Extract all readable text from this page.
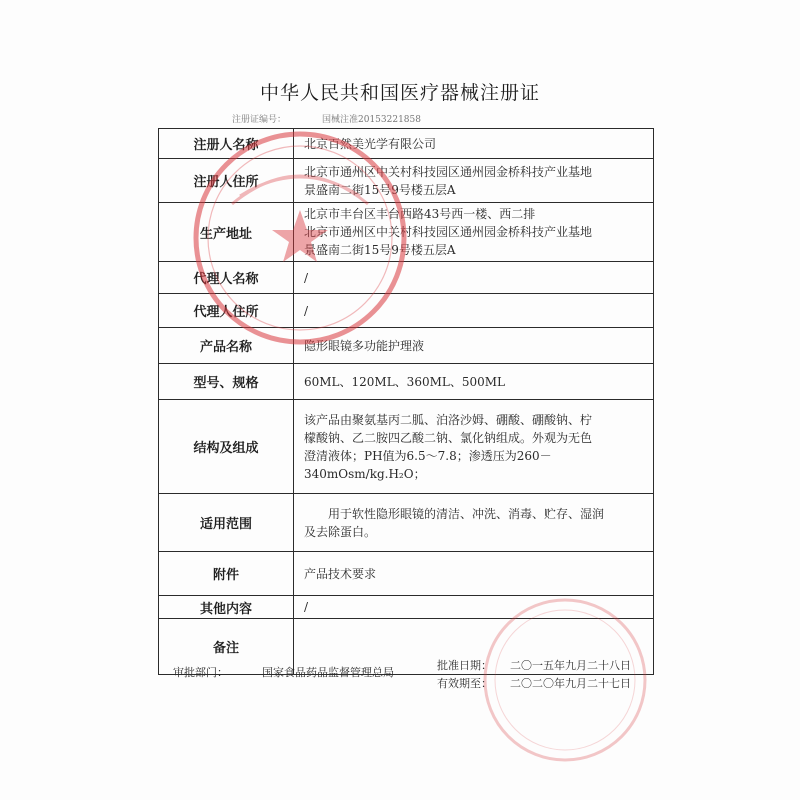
中华人民共和国医疗器械注册证
注册证编号：	国械注准20153221858
注册人名称	北京百然美光学有限公司
注册人住所	北京市通州区中关村科技园区通州园金桥科技产业基地
景盛南二街15号9号楼五层A

生产地址	北京市丰台区丰台西路43号西一楼、西二排
北京市通州区中关村科技园区通州园金桥科技产业基地
景盛南二街15号9号楼五层A

代理人名称	/
代理人住所	/
产品名称	隐形眼镜多功能护理液
型号、规格	60ML、120ML、360ML、500ML
结构及组成	该产品由聚氨基丙二胍、泊洛沙姆、硼酸、硼酸钠、柠
檬酸钠、乙二胺四乙酸二钠、氯化钠组成。外观为无色
澄清液体；PH值为6.5～7.8；渗透压为260－
340mOsm/kg.H₂O；

适用范围	用于软性隐形眼镜的清洁、冲洗、消毒、贮存、湿润
及去除蛋白。

附件	产品技术要求
其他内容	/
备注	
审批部门：	国家食品药品监督管理总局
批准日期： 二〇一五年九月二十八日
有效期至： 二〇二〇年九月二十七日
